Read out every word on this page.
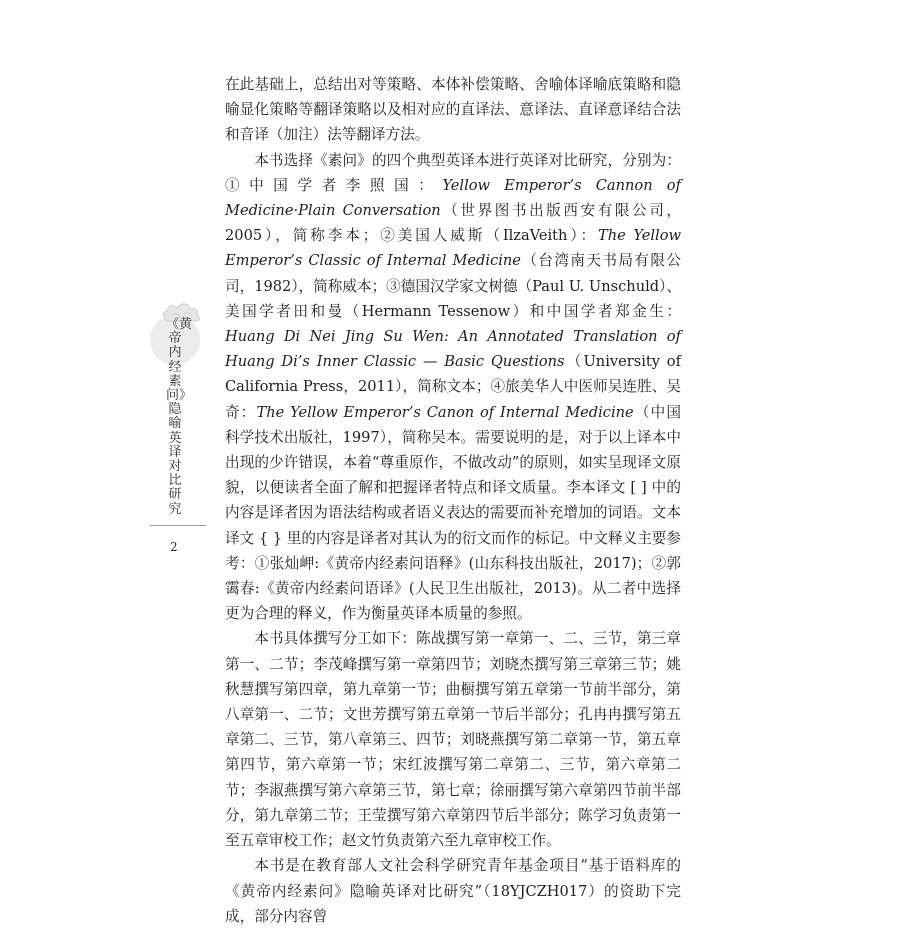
《黄帝内经素问》隐喻英译对比研究
2

在此基础上，总结出对等策略、本体补偿策略、舍喻体译喻底策略和隐喻显化策略等翻译策略以及相对应的直译法、意译法、直译意译结合法和音译（加注）法等翻译方法。

本书选择《素问》的四个典型英译本进行英译对比研究，分别为：①中国学者李照国：Yellow Emperor’s Cannon of Medicine·Plain Conversation（世界图书出版西安有限公司，2005），简称李本；②美国人威斯（IlzaVeith）：The Yellow Emperor’s Classic of Internal Medicine（台湾南天书局有限公司，1982），简称威本；③德国汉学家文树德（Paul U. Unschuld）、美国学者田和曼（Hermann Tessenow）和中国学者郑金生：Huang Di Nei Jing Su Wen: An Annotated Translation of Huang Di’s Inner Classic — Basic Questions（University of California Press，2011），简称文本；④旅美华人中医师吴连胜、吴奇：The Yellow Emperor’s Canon of Internal Medicine（中国科学技术出版社，1997），简称吴本。需要说明的是，对于以上译本中出现的少许错误，本着“尊重原作，不做改动”的原则，如实呈现译文原貌，以便读者全面了解和把握译者特点和译文质量。李本译文 [ ] 中的内容是译者因为语法结构或者语义表达的需要而补充增加的词语。文本译文 { } 里的内容是译者对其认为的衍文而作的标记。中文释义主要参考：①张灿岬:《黄帝内经素问语释》(山东科技出版社，2017)；②郭霭春:《黄帝内经素问语译》(人民卫生出版社，2013)。从二者中选择更为合理的释义，作为衡量英译本质量的参照。

本书具体撰写分工如下：陈战撰写第一章第一、二、三节，第三章第一、二节；李茂峰撰写第一章第四节；刘晓杰撰写第三章第三节；姚秋慧撰写第四章，第九章第一节；曲橱撰写第五章第一节前半部分，第八章第一、二节；文世芳撰写第五章第一节后半部分；孔冉冉撰写第五章第二、三节，第八章第三、四节；刘晓燕撰写第二章第一节，第五章第四节，第六章第一节；宋红波撰写第二章第二、三节，第六章第二节；李淑燕撰写第六章第三节，第七章；徐丽撰写第六章第四节前半部分，第九章第二节；王莹撰写第六章第四节后半部分；陈学习负责第一至五章审校工作；赵文竹负责第六至九章审校工作。

本书是在教育部人文社会科学研究青年基金项目“基于语料库的《黄帝内经素问》隐喻英译对比研究”（18YJCZH017）的资助下完成，部分内容曾
